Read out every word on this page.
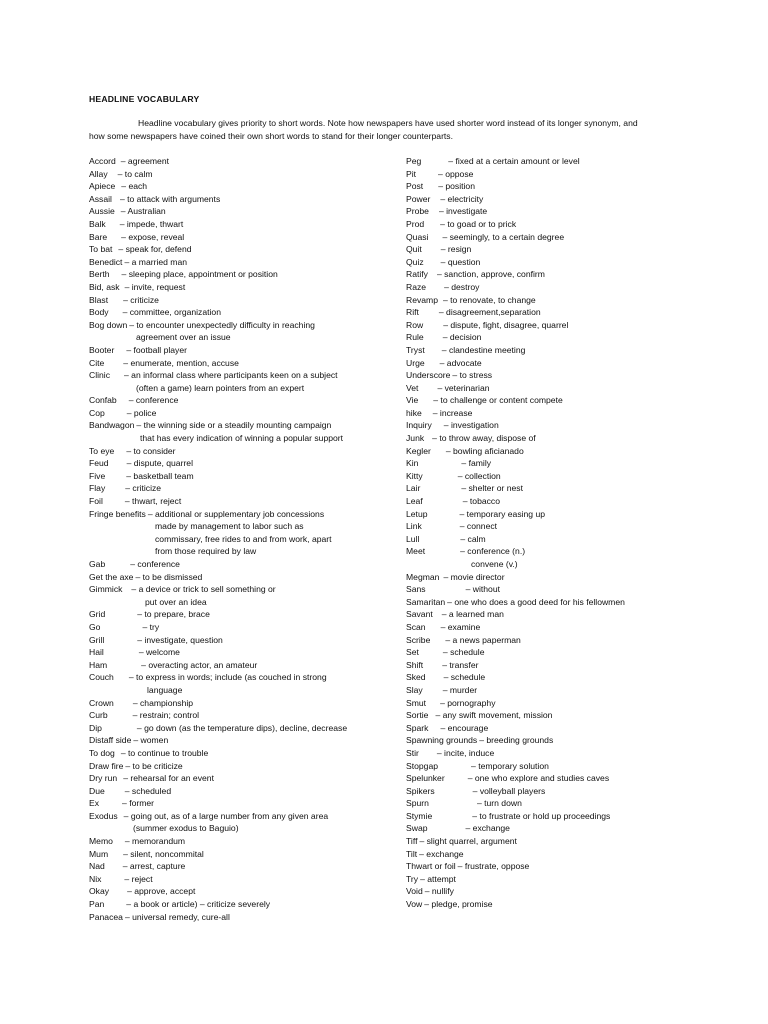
HEADLINE VOCABULARY
Headline vocabulary gives priority to short words. Note how newspapers have used shorter word instead of its longer synonym, and
how some newspapers have coined their own short words to stand for their longer counterparts.
Accord – agreement
Allay – to calm
Apiece – each
Assail – to attack with arguments
Aussie – Australian
Balk – impede, thwart
Bare – expose, reveal
To bat – speak for, defend
Benedict – a married man
Berth – sleeping place, appointment or position
Bid, ask – invite, request
Blast – criticize
Body – committee, organization
Bog down – to encounter unexpectedly difficulty in reaching
agreement over an issue
Booter – football player
Cite – enumerate, mention, accuse
Clinic – an informal class where participants keen on a subject
(often a game) learn pointers from an expert
Confab – conference
Cop	– police
Bandwagon – the winning side or a steadily mounting campaign
that has every indication of winning a popular support
To eye – to consider
Feud – dispute, quarrel
Five – basketball team
Flay – criticize
Foil	– thwart, reject
Fringe benefits – additional or supplementary job concessions
made by management to labor such as
commissary, free rides to and from work, apart
from those required by law
Gab	– conference
Get the axe – to be dismissed
Gimmick – a device or trick to sell something or
put over an idea
Grid	– to prepare, brace
Go	– try
Grill	– investigate, question
Hail	– welcome
Ham	– overacting actor, an amateur
Couch – to express in words; include (as couched in strong
language
Crown – championship
Curb	– restrain; control
Dip	– go down (as the temperature dips), decline, decrease
Distaff side – women
To dog – to continue to trouble
Draw fire – to be criticize
Dry run – rehearsal for an event
Due – scheduled
Ex	– former
Exodus – going out, as of a large number from any given area
(summer exodus to Baguio)
Memo – memorandum
Mum – silent, noncommital
Nad – arrest, capture
Nix	– reject
Okay – approve, accept
Pan	– a book or article) – criticize severely
Panacea – universal remedy, cure-all
Peg	– fixed at a certain amount or level
Pit	– oppose
Post – position
Power – electricity
Probe – investigate
Prod – to goad or to prick
Quasi – seemingly, to a certain degree
Quit – resign
Quiz – question
Ratify – sanction, approve, confirm
Raze – destroy
Revamp – to renovate, to change
Rift – disagreement,separation
Row – dispute, fight, disagree, quarrel
Rule – decision
Tryst – clandestine meeting
Urge – advocate
Underscore – to stress
Vet – veterinarian
Vie – to challenge or content compete
hike – increase
Inquiry – investigation
Junk – to throw away, dispose of
Kegler – bowling aficianado
Kin	– family
Kitty	– collection
Lair	– shelter or nest
Leaf	– tobacco
Letup	– temporary easing up
Link	– connect
Lull	– calm
Meet	– conference (n.)
convene (v.)
Megman – movie director
Sans	– without
Samaritan – one who does a good deed for his fellowmen
Savant – a learned man
Scan – examine
Scribe – a news paperman
Set	– schedule
Shift – transfer
Sked – schedule
Slay – murder
Smut – pornography
Sortie – any swift movement, mission
Spark – encourage
Spawning grounds – breeding grounds
Stir – incite, induce
Stopgap	– temporary solution
Spelunker	– one who explore and studies caves
Spikers	– volleyball players
Spurn	– turn down
Stymie	– to frustrate or hold up proceedings
Swap	– exchange
Tiff – slight quarrel, argument
Tilt – exchange
Thwart or foil – frustrate, oppose
Try – attempt
Void – nullify
Vow – pledge, promise
